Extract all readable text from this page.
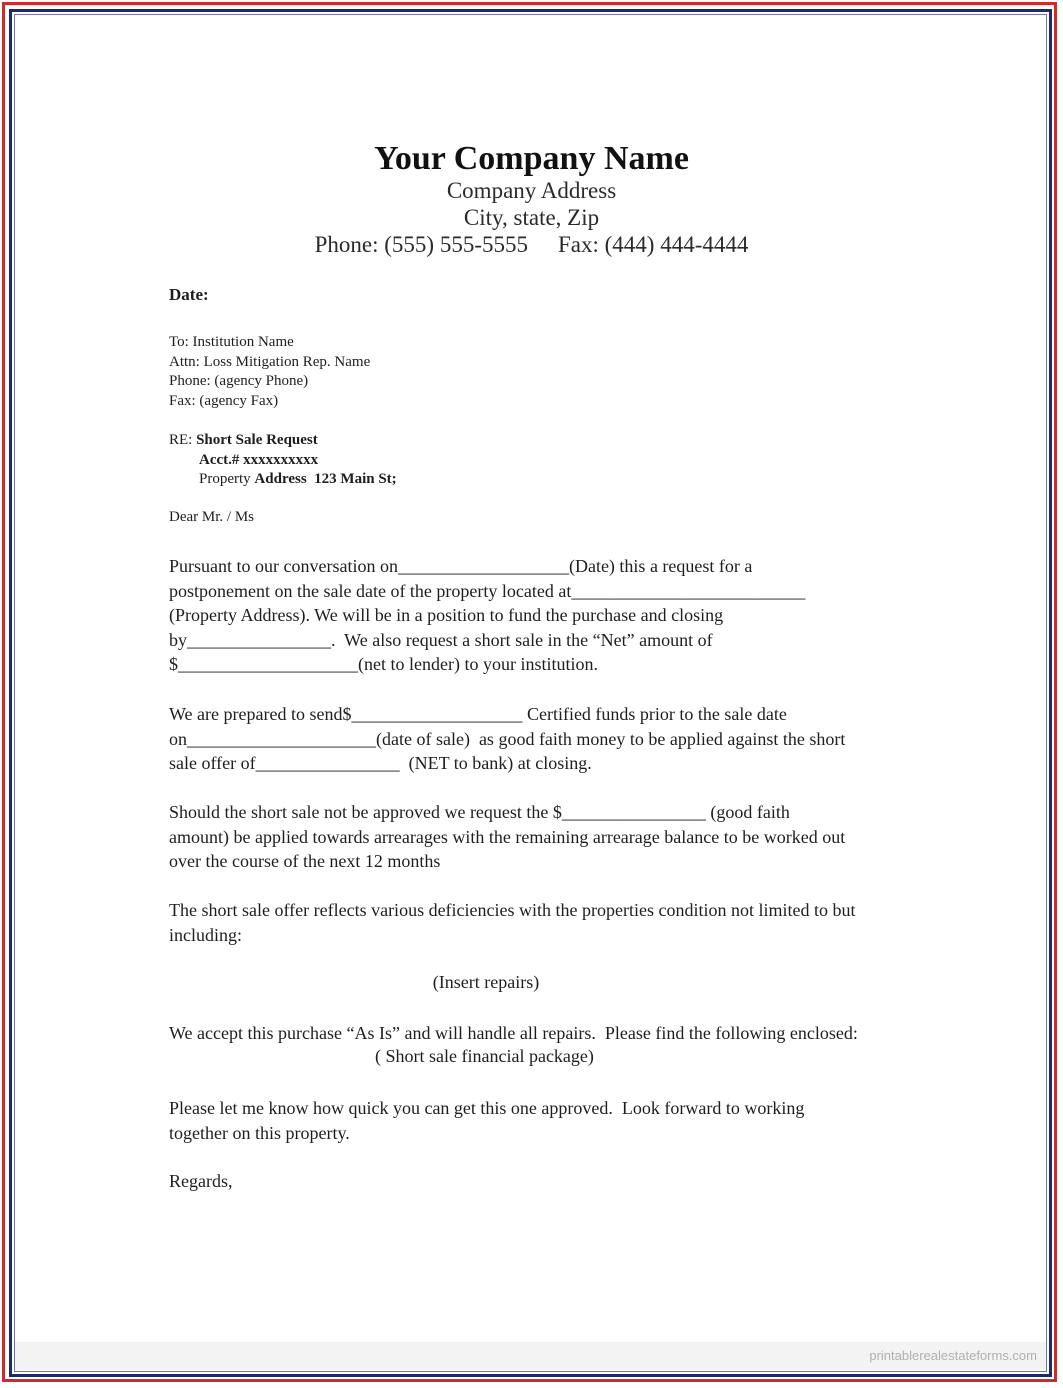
Your Company Name
Company Address
City, state, Zip
Phone: (555) 555-5555 Fax: (444) 444-4444
Date:
To: Institution Name
Attn: Loss Mitigation Rep. Name
Phone: (agency Phone)
Fax: (agency Fax)
RE: Short Sale Request
Acct.# xxxxxxxxxx
Property Address  123 Main St;
Dear Mr. / Ms
Pursuant to our conversation on___________________(Date) this a request for a
postponement on the sale date of the property located at__________________________
(Property Address). We will be in a position to fund the purchase and closing
by________________.  We also request a short sale in the “Net” amount of
$____________________(net to lender) to your institution.
We are prepared to send$___________________ Certified funds prior to the sale date
on_____________________(date of sale)  as good faith money to be applied against the short
sale offer of________________  (NET to bank) at closing.
Should the short sale not be approved we request the $________________ (good faith
amount) be applied towards arrearages with the remaining arrearage balance to be worked out
over the course of the next 12 months
The short sale offer reflects various deficiencies with the properties condition not limited to but
including:
(Insert repairs)
We accept this purchase “As Is” and will handle all repairs.  Please find the following enclosed:
( Short sale financial package)
Please let me know how quick you can get this one approved.  Look forward to working
together on this property.
Regards,
printablerealestateforms.com
